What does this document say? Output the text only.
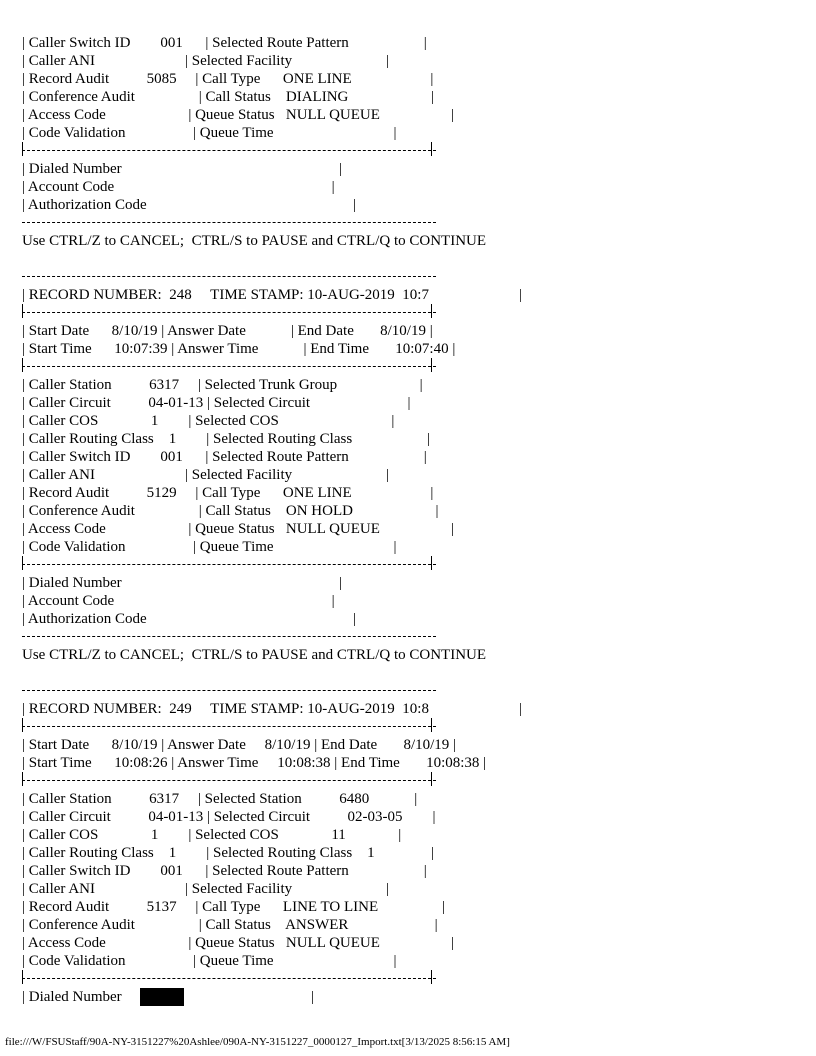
| Caller Switch ID        001      | Selected Route Pattern                    |
| Caller ANI                        | Selected Facility                         |
| Record Audit          5085     | Call Type      ONE LINE                     |
| Conference Audit                 | Call Status    DIALING                      |
| Access Code                      | Queue Status   NULL QUEUE                   |
| Code Validation                  | Queue Time                                |
| Dialed Number                                                          |
| Account Code                                                          |
| Authorization Code                                                       |
Use CTRL/Z to CANCEL;  CTRL/S to PAUSE and CTRL/Q to CONTINUE
| RECORD NUMBER:  248     TIME STAMP: 10-AUG-2019  10:7                        |
| Start Date      8/10/19 | Answer Date            | End Date       8/10/19 |
| Start Time      10:07:39 | Answer Time            | End Time       10:07:40 |
| Caller Station          6317     | Selected Trunk Group                      |
| Caller Circuit          04-01-13 | Selected Circuit                          |
| Caller COS              1        | Selected COS                              |
| Caller Routing Class    1        | Selected Routing Class                    |
| Caller Switch ID        001      | Selected Route Pattern                    |
| Caller ANI                        | Selected Facility                         |
| Record Audit          5129     | Call Type      ONE LINE                     |
| Conference Audit                 | Call Status    ON HOLD                      |
| Access Code                      | Queue Status   NULL QUEUE                   |
| Code Validation                  | Queue Time                                |
| Dialed Number                                                          |
| Account Code                                                          |
| Authorization Code                                                       |
Use CTRL/Z to CANCEL;  CTRL/S to PAUSE and CTRL/Q to CONTINUE
| RECORD NUMBER:  249     TIME STAMP: 10-AUG-2019  10:8                        |
| Start Date      8/10/19 | Answer Date     8/10/19 | End Date       8/10/19 |
| Start Time      10:08:26 | Answer Time     10:08:38 | End Time       10:08:38 |
| Caller Station          6317     | Selected Station          6480            |
| Caller Circuit          04-01-13 | Selected Circuit          02-03-05        |
| Caller COS              1        | Selected COS              11              |
| Caller Routing Class    1        | Selected Routing Class    1               |
| Caller Switch ID        001      | Selected Route Pattern                    |
| Caller ANI                        | Selected Facility                         |
| Record Audit          5137     | Call Type      LINE TO LINE                 |
| Conference Audit                 | Call Status    ANSWER                       |
| Access Code                      | Queue Status   NULL QUEUE                   |
| Code Validation                  | Queue Time                                |
| Dialed Number	|
file:///W/FSUStaff/90A-NY-3151227%20Ashlee/090A-NY-3151227_0000127_Import.txt[3/13/2025 8:56:15 AM]
